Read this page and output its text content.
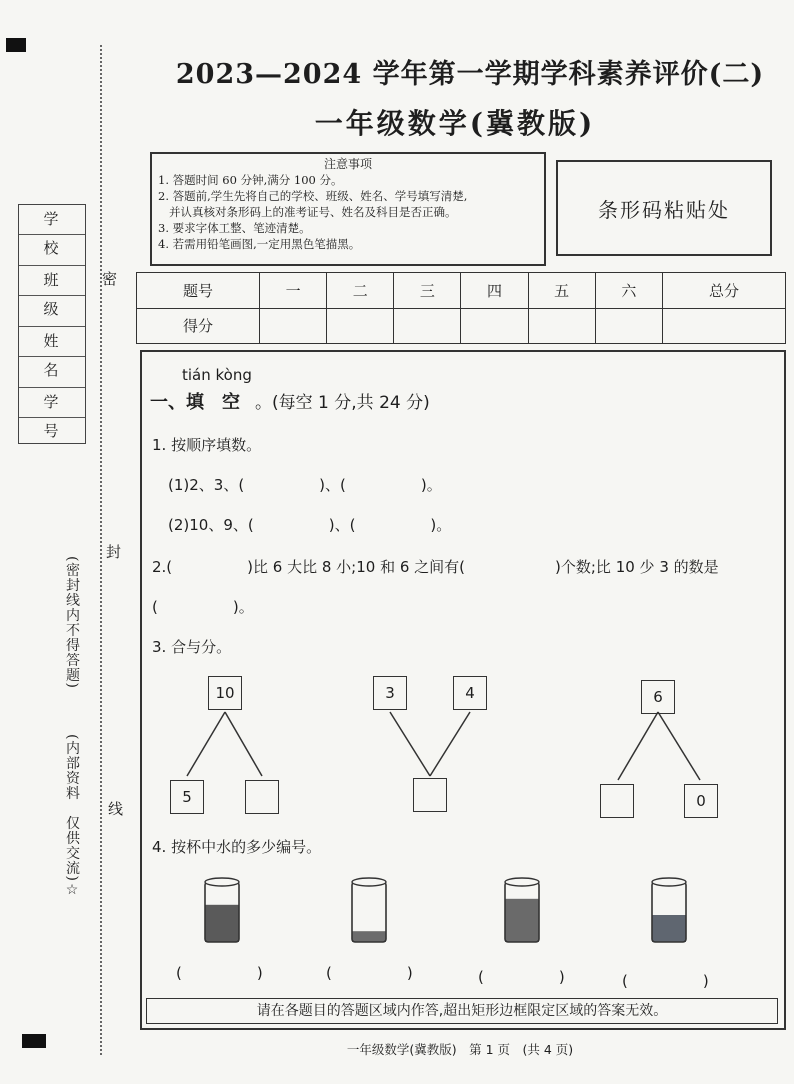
2023—2024 学年第一学期学科素养评价(二)
一年级数学(冀教版)
注意事项
1. 答题时间 60 分钟,满分 100 分。
2. 答题前,学生先将自己的学校、班级、姓名、学号填写清楚,
并认真核对条形码上的准考证号、姓名及科目是否正确。
3. 要求字体工整、笔迹清楚。
4. 若需用铅笔画图,一定用黑色笔描黑。
条形码粘贴处
题号	一	二	三	四	五	六	总分
得分							
学 校
班 级
姓 名
学 号
密
封
线
(密封线内不得答题)
(内部资料　仅供交流)☆
tián kòng
一、填　空 。(每空 1 分,共 24 分)
1. 按顺序填数。
(1)2、3、(　　　　　)、(　　　　　)。
(2)10、9、(　　　　　)、(　　　　　)。
2.(　　　　　)比 6 大比 8 小;10 和 6 之间有(　　　　　　)个数;比 10 少 3 的数是
(　　　　　)。
3. 合与分。
10
5
3	4	6
0
4. 按杯中水的多少编号。
(　　　　　)	(　　　　　)	(　　　　　)	(　　　　　)
请在各题目的答题区域内作答,超出矩形边框限定区域的答案无效。
一年级数学(冀教版)　第 1 页　(共 4 页)
